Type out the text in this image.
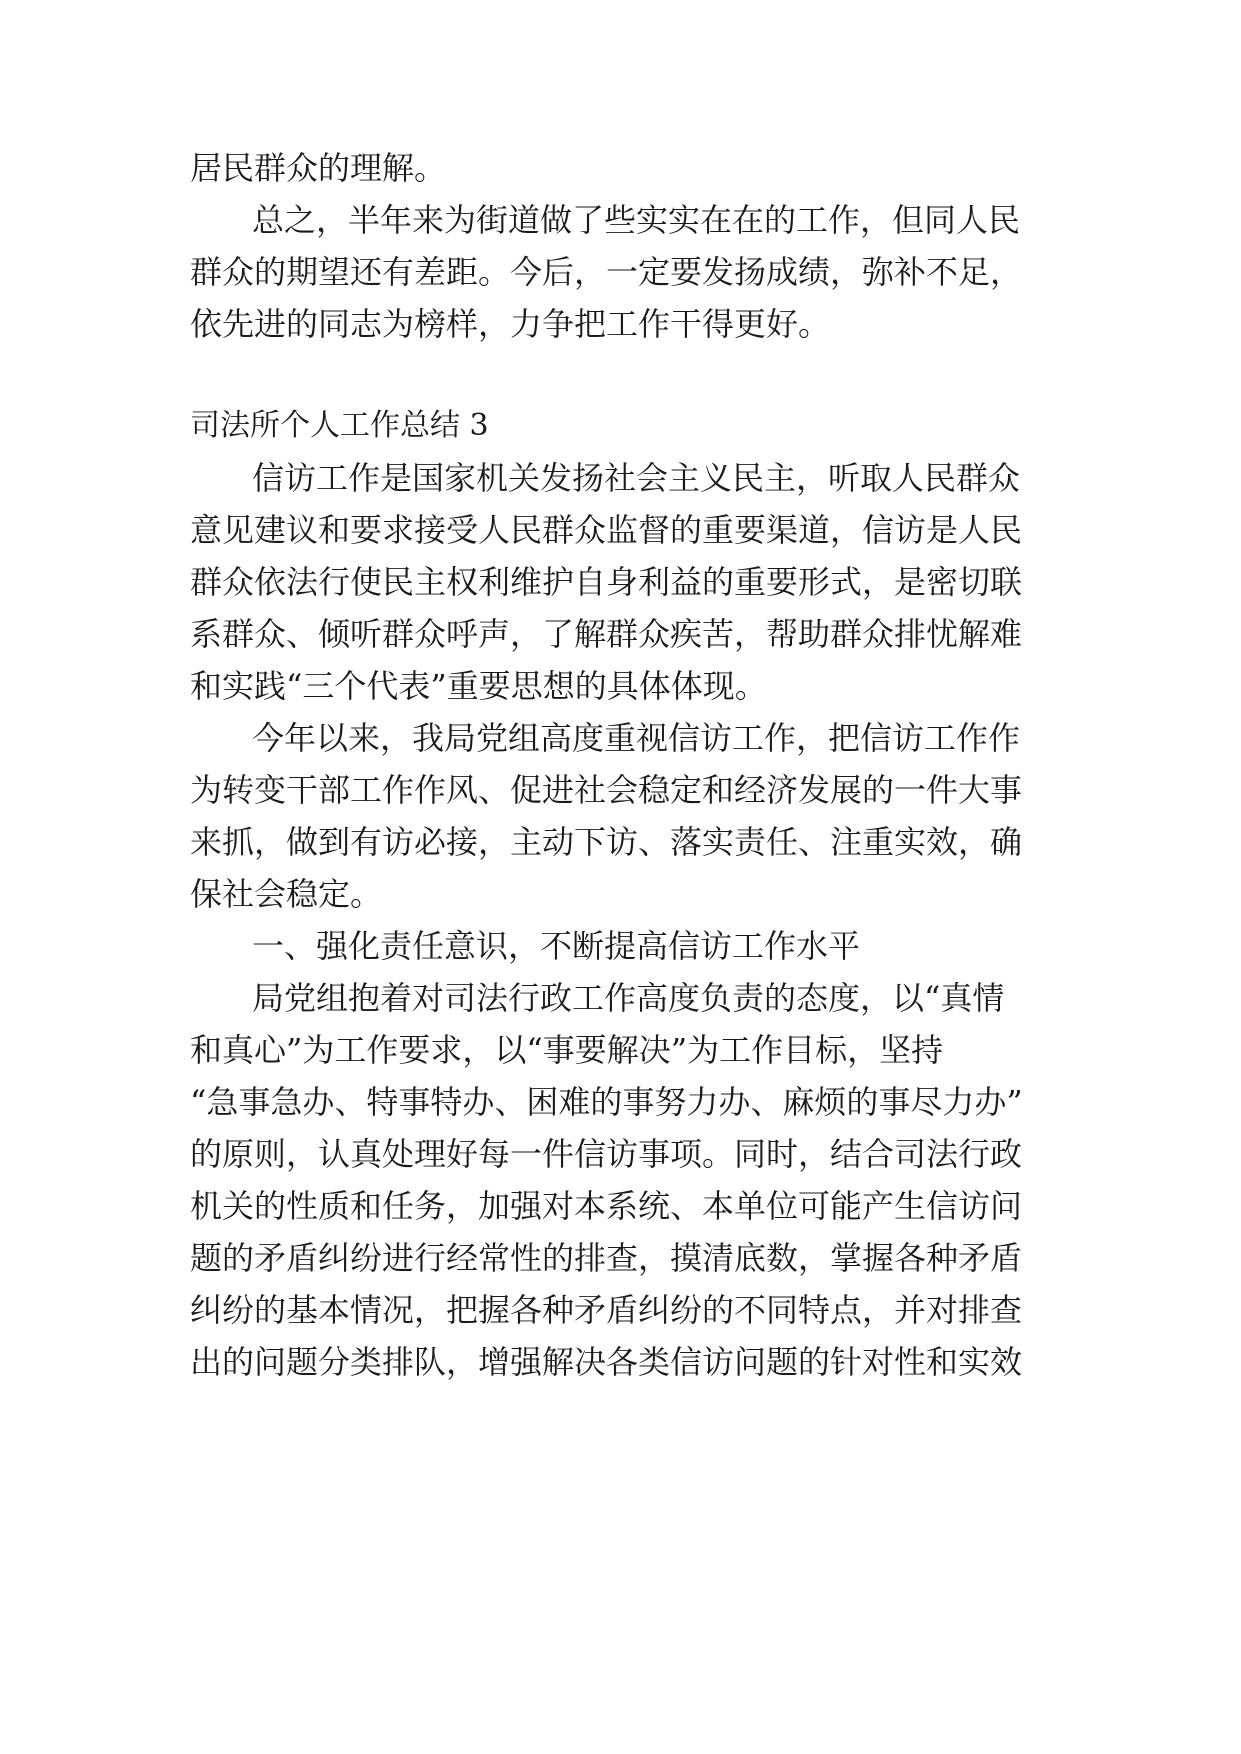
居民群众的理解。

总之，半年来为街道做了些实实在在的工作，但同人民

群众的期望还有差距。今后，一定要发扬成绩，弥补不足，

依先进的同志为榜样，力争把工作干得更好。

司法所个人工作总结 3

信访工作是国家机关发扬社会主义民主，听取人民群众

意见建议和要求接受人民群众监督的重要渠道，信访是人民

群众依法行使民主权利维护自身利益的重要形式，是密切联

系群众、倾听群众呼声，了解群众疾苦，帮助群众排忧解难

和实践“三个代表”重要思想的具体体现。

今年以来，我局党组高度重视信访工作，把信访工作作

为转变干部工作作风、促进社会稳定和经济发展的一件大事

来抓，做到有访必接，主动下访、落实责任、注重实效，确

保社会稳定。

一、强化责任意识，不断提高信访工作水平

局党组抱着对司法行政工作高度负责的态度，以“真情

和真心”为工作要求，以“事要解决”为工作目标，坚持

“急事急办、特事特办、困难的事努力办、麻烦的事尽力办”

的原则，认真处理好每一件信访事项。同时，结合司法行政

机关的性质和任务，加强对本系统、本单位可能产生信访问

题的矛盾纠纷进行经常性的排查，摸清底数，掌握各种矛盾

纠纷的基本情况，把握各种矛盾纠纷的不同特点，并对排查

出的问题分类排队，增强解决各类信访问题的针对性和实效
